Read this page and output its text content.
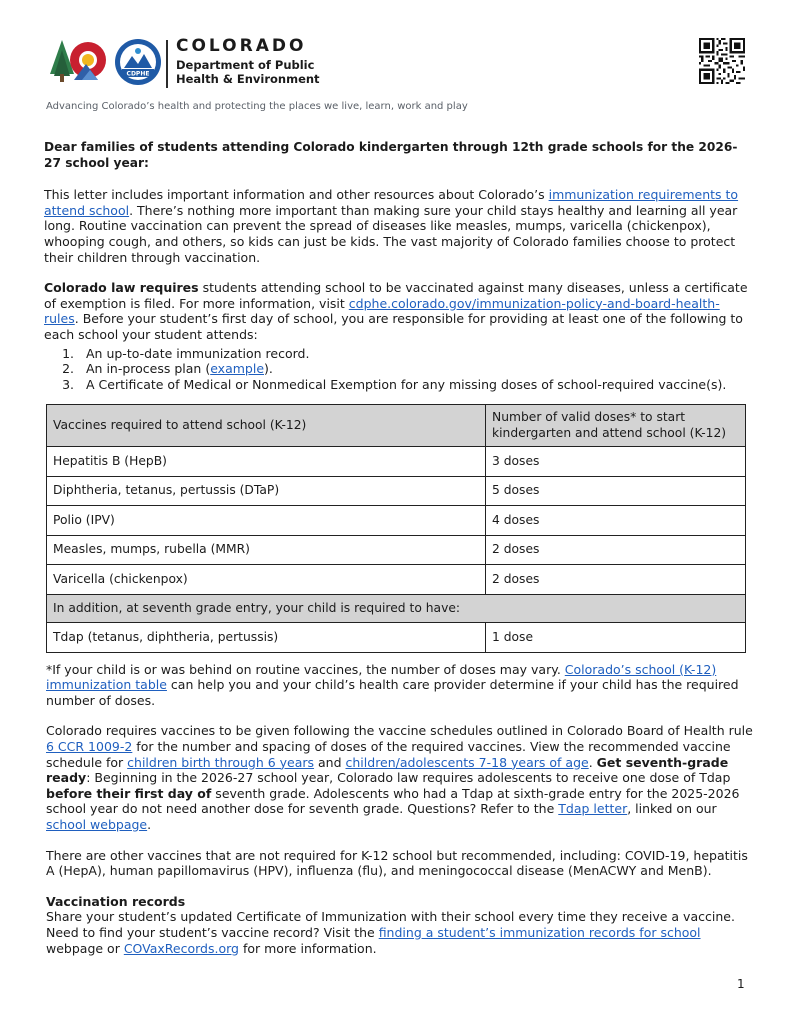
CDPHE
COLORADO
Department of Public
Health & Environment
Advancing Colorado’s health and protecting the places we live, learn, work and play

Dear families of students attending Colorado kindergarten through 12th grade schools for the 2026-27 school year:

This letter includes important information and other resources about Colorado’s immunization requirements to attend school. There’s nothing more important than making sure your child stays healthy and learning all year long. Routine vaccination can prevent the spread of diseases like measles, mumps, varicella (chickenpox), whooping cough, and others, so kids can just be kids. The vast majority of Colorado families choose to protect their children through vaccination.

Colorado law requires students attending school to be vaccinated against many diseases, unless a certificate of exemption is filed. For more information, visit cdphe.colorado.gov/immunization-policy-and-board-health-rules. Before your student’s first day of school, you are responsible for providing at least one of the following to each school your student attends:

1. An up-to-date immunization record.
2. An in-process plan (example).
3. A Certificate of Medical or Nonmedical Exemption for any missing doses of school-required vaccine(s).
Vaccines required to attend school (K-12)	Number of valid doses* to start kindergarten and attend school (K-12)
Hepatitis B (HepB)	3 doses
Diphtheria, tetanus, pertussis (DTaP)	5 doses
Polio (IPV)	4 doses
Measles, mumps, rubella (MMR)	2 doses
Varicella (chickenpox)	2 doses
In addition, at seventh grade entry, your child is required to have:	
Tdap (tetanus, diphtheria, pertussis)	1 dose

*If your child is or was behind on routine vaccines, the number of doses may vary. Colorado’s school (K-12) immunization table can help you and your child’s health care provider determine if your child has the required number of doses.

Colorado requires vaccines to be given following the vaccine schedules outlined in Colorado Board of Health rule 6 CCR 1009-2 for the number and spacing of doses of the required vaccines. View the recommended vaccine schedule for children birth through 6 years and children/adolescents 7-18 years of age. Get seventh-grade ready: Beginning in the 2026-27 school year, Colorado law requires adolescents to receive one dose of Tdap before their first day of seventh grade. Adolescents who had a Tdap at sixth-grade entry for the 2025-2026 school year do not need another dose for seventh grade. Questions? Refer to the Tdap letter, linked on our school webpage.

There are other vaccines that are not required for K-12 school but recommended, including: COVID-19, hepatitis A (HepA), human papillomavirus (HPV), influenza (flu), and meningococcal disease (MenACWY and MenB).

Vaccination records

Share your student’s updated Certificate of Immunization with their school every time they receive a vaccine. Need to find your student’s vaccine record? Visit the finding a student’s immunization records for school webpage or COVaxRecords.org for more information.

1
